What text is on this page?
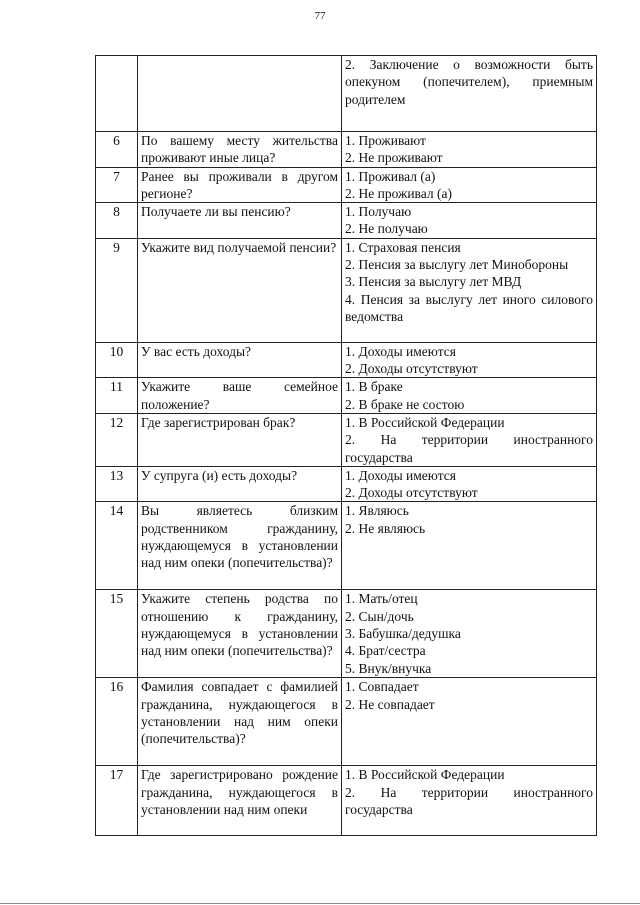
77

		2. Заключение о возможности быть опекуном (попечителем), приемным родителем

6	По вашему месту жительства проживают иные лица?	1. Проживают
2. Не проживают

7	Ранее вы проживали в другом регионе?	1. Проживал (а)
2. Не проживал (а)

8	Получаете ли вы пенсию?	1. Получаю
2. Не получаю

9	Укажите вид получаемой пенсии?	1. Страховая пенсия
2. Пенсия за выслугу лет Минобороны
3. Пенсия за выслугу лет МВД
4. Пенсия за выслугу лет иного силового ведомства

10	У вас есть доходы?	1. Доходы имеются
2. Доходы отсутствуют

11	Укажите ваше семейное положение?	1. В браке
2. В браке не состою

12	Где зарегистрирован брак?	1. В Российской Федерации
2. На территории иностранного государства

13	У супруга (и) есть доходы?	1. Доходы имеются
2. Доходы отсутствуют

14	Вы являетесь близким родственником гражданину, нуждающемуся в установлении над ним опеки (попечительства)?	1. Являюсь
2. Не являюсь

15	Укажите степень родства по отношению к гражданину, нуждающемуся в установлении над ним опеки (попечительства)?	1. Мать/отец
2. Сын/дочь
3. Бабушка/дедушка
4. Брат/сестра
5. Внук/внучка

16	Фамилия совпадает с фамилией гражданина, нуждающегося в установлении над ним опеки (попечительства)?	1. Совпадает
2. Не совпадает

17	Где зарегистрировано рождение гражданина, нуждающегося в установлении над ним опеки	1. В Российской Федерации
2. На территории иностранного государства
